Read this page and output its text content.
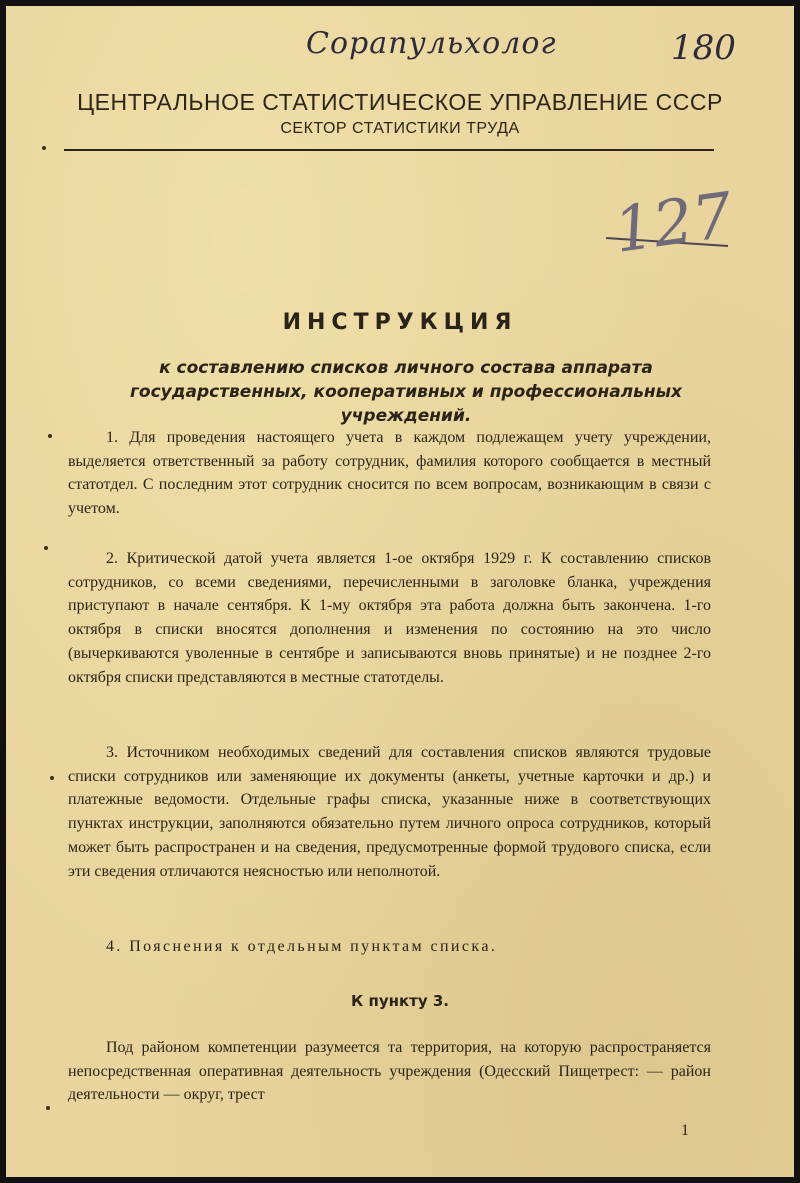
Сорапульхолог	180
127
ЦЕНТРАЛЬНОЕ СТАТИСТИЧЕСКОЕ УПРАВЛЕНИЕ СССР
СЕКТОР СТАТИСТИКИ ТРУДА
ИНСТРУКЦИЯ
к составлению списков личного состава аппарата государственных, кооперативных и профессиональных учреждений.
1. Для проведения настоящего учета в каждом подлежащем учету учреждении, выделяется ответственный за работу сотрудник, фамилия которого сообщается в местный статотдел. С последним этот сотрудник сносится по всем вопросам, возникающим в связи с учетом.
2. Критической датой учета является 1-ое октября 1929 г. К составлению списков сотрудников, со всеми сведениями, перечисленными в заголовке бланка, учреждения приступают в начале сентября. К 1-му октября эта работа должна быть закончена. 1-го октября в списки вносятся дополнения и изменения по состоянию на это число (вычеркиваются уволенные в сентябре и записываются вновь принятые) и не позднее 2-го октября списки представляются в местные статотделы.
3. Источником необходимых сведений для составления списков являются трудовые списки сотрудников или заменяющие их документы (анкеты, учетные карточки и др.) и платежные ведомости. Отдельные графы списка, указанные ниже в соответствующих пунктах инструкции, заполняются обязательно путем личного опроса сотрудников, который может быть распространен и на сведения, предусмотренные формой трудового списка, если эти сведения отличаются неясностью или неполнотой.
4. Пояснения к отдельным пунктам списка.
К пункту 3.
Под районом компетенции разумеется та территория, на которую распространяется непосредственная оперативная деятельность учреждения (Одесский Пищетрест: — район деятельности — округ, трест
1
